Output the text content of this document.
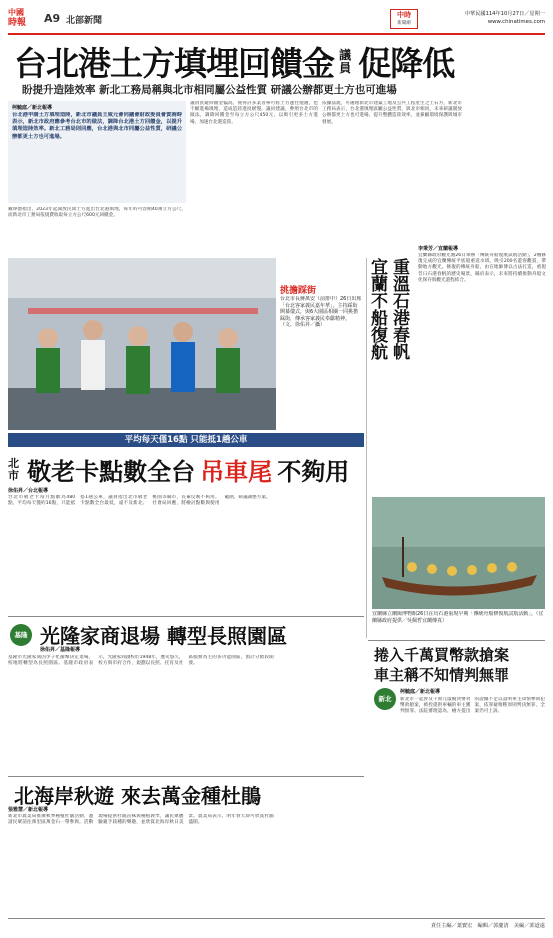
中國
時報	A9 北部新聞
中時
新聞網
中華民國114年10月27日／星期一
www.chinatimes.com
台北港土方填埋回饋金 議員 促降低
盼提升造陸效率 新北工務局稱與北市相同屬公益性質 研議公辦都更土方也可進場
柯毓庭／新北報導
台北港申請土方填埋造陸，新北市議員王威元會同議會財政委員會質詢時表示，新北市政府應參考台北市的做法，調降台北港土方回饋金，以提升填埋造陸效率。新北工務局則回應，台北港與北市同屬公益性質，研議公辦都更土方也可進場。
戴瑋德指出，2023年起開放民間土方進出台北港填埋，每年約可容納40萬立方公尺，而新北市工務局依規費收取每立方公尺600元回饋金。
議員質疑回饋金偏高，使得許多業者寧可將土方運往他處，也不願進場填埋，造成造陸進度緩慢。議員建議，參照台北市的做法，調降回饋金至每立方公尺450元，以吸引更多土方進場，加速台北港造陸。
依據法規，可處理新北市建築工地及公共工程產生之土石方，新北市工務局表示，台北港填埋區屬公益性質，與北市相同，未來研議開放公辦都更土方也可進場，提升整體造陸效率，並兼顧環境保護與城市發展。
挑擔踩街
台北市長蔣萬安（前排中）26日出席「台北客家義民嘉年華」，主持踩街開幕儀式，與6大園區相關一同挑擔踩街，傳承客家義民奉獻精神。（文、徐佑昇／攝）	宜蘭不船復航 重溫石港春帆
李秉芳／宜蘭報導
宜蘭縣政府觀光處26日舉辦「傳統舟船復航試航活動」，2艘修復完成的宜蘭傳統平底船重返水域，吸引200名遊客觀賞，帶動地方觀光。修復的傳統舟船，由在地師傅以古法打造，重現昔日石港春帆的歷史場景。縣府表示，未來將持續推動舟船文化保存與觀光遊程結合。
宜蘭縣立蘭陽博物館26日在烏石港重現早期「傳統舟船修復航試航活動」。（宜蘭縣政府提供／吳佩哲宜蘭傳真）
平均每天僅16點 只能抵1趟公車
北市 敬老卡點數全台 吊車尾 不夠用
徐佑昇／台北報導
台北市敬老卡每月點數為480點，平均每天僅約16點，只能抵搭1趟公車，議員指出北市敬老卡點數全台最低，遠不及新北、桃園等縣市，長輩反映不夠用。社會局回應，將檢討點數與使用範圍，研議調整方案。
基隆 光隆家商退場 轉型長照園區
徐佑昇／基隆報導
基隆市光隆家商因少子化衝擊決定退場，校地將轉型為長照園區。基隆市政府表示，光隆家商創校於1948年，歷史悠久，校方與市府合作，規劃以長照、托育及社區服務為主的多功能園區，預計分階段開發。	捲入千萬買幣款搶案
車主稱不知情判無罪
新北
柯毓庭／新北報導
新北市一起涉及千萬元虛擬貨幣買幣款搶案，被控提供車輛的車主獲判無罪。法院審理認為，檢方提出的證據不足以證明車主知情參與犯案，依罪疑唯輕原則判決無罪，全案仍可上訴。
北海岸秋遊 來去萬金種杜鵑
張雅慧／新北報導
新北市農業局推廣秋季種植杜鵑活動，邀請民眾前往萬里區萬金石一帶參與。活動現場提供杜鵑苗株與種植教學，讓民眾體驗親手栽種的樂趣，並欣賞北海岸秋日美景。農業局表示，明年春天即可欣賞杜鵑盛開。
責任主編／葉寶宏　編輯／郭慶清　美編／郭道遠
